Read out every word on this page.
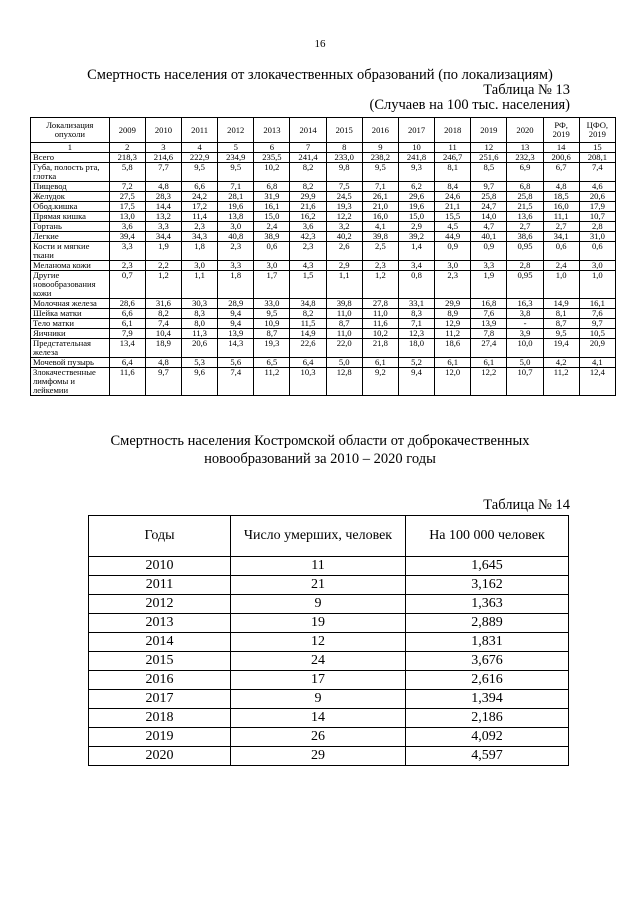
16
Смертность населения от злокачественных образований (по локализациям)
Таблица № 13
(Случаев на 100 тыс. населения)
Локализация опухоли	2009	2010	2011	2012	2013	2014	2015	2016	2017	2018	2019	2020	РФ, 2019	ЦФО, 2019
1	2	3	4	5	6	7	8	9	10	11	12	13	14	15
Всего	218,3	214,6	222,9	234,9	235,5	241,4	233,0	238,2	241,8	246,7	251,6	232,3	200,6	208,1
Губа, полость рта, глотка	5,8	7,7	9,5	9,5	10,2	8,2	9,8	9,5	9,3	8,1	8,5	6,9	6,7	7,4
Пищевод	7,2	4,8	6,6	7,1	6,8	8,2	7,5	7,1	6,2	8,4	9,7	6,8	4,8	4,6
Желудок	27,5	28,3	24,2	28,1	31,9	29,9	24,5	26,1	29,6	24,6	25,8	25,8	18,5	20,6
Обод.кишка	17,5	14,4	17,2	19,6	16,1	21,6	19,3	21,0	19,6	21,1	24,7	21,5	16,0	17,9
Прямая кишка	13,0	13,2	11,4	13,8	15,0	16,2	12,2	16,0	15,0	15,5	14,0	13,6	11,1	10,7
Гортань	3,6	3,3	2,3	3,0	2,4	3,6	3,2	4,1	2,9	4,5	4,7	2,7	2,7	2,8
Легкие	39,4	34,4	34,3	40,8	38,9	42,3	40,2	39,8	39,2	44,9	40,1	38,6	34,1	31,0
Кости и мягкие ткани	3,3	1,9	1,8	2,3	0,6	2,3	2,6	2,5	1,4	0,9	0,9	0,95	0,6	0,6
Меланома кожи	2,3	2,2	3,0	3,3	3,0	4,3	2,9	2,3	3,4	3,0	3,3	2,8	2,4	3,0
Другие новообразования кожи	0,7	1,2	1,1	1,8	1,7	1,5	1,1	1,2	0,8	2,3	1,9	0,95	1,0	1,0
Молочная железа	28,6	31,6	30,3	28,9	33,0	34,8	39,8	27,8	33,1	29,9	16,8	16,3	14,9	16,1
Шейка матки	6,6	8,2	8,3	9,4	9,5	8,2	11,0	11,0	8,3	8,9	7,6	3,8	8,1	7,6
Тело матки	6,1	7,4	8,0	9,4	10,9	11,5	8,7	11,6	7,1	12,9	13,9	-	8,7	9,7
Яичники	7,9	10,4	11,3	13,9	8,7	14,9	11,0	10,2	12,3	11,2	7,8	3,9	9,5	10,5
Предстательная железа	13,4	18,9	20,6	14,3	19,3	22,6	22,0	21,8	18,0	18,6	27,4	10,0	19,4	20,9
Мочевой пузырь	6,4	4,8	5,3	5,6	6,5	6,4	5,0	6,1	5,2	6,1	6,1	5,0	4,2	4,1
Злокачественные лимфомы и лейкемии	11,6	9,7	9,6	7,4	11,2	10,3	12,8	9,2	9,4	12,0	12,2	10,7	11,2	12,4
Смертность населения Костромской области от доброкачественных
новообразований за 2010 – 2020 годы
Таблица № 14
Годы	Число умерших, человек	На 100 000 человек
2010	11	1,645
2011	21	3,162
2012	9	1,363
2013	19	2,889
2014	12	1,831
2015	24	3,676
2016	17	2,616
2017	9	1,394
2018	14	2,186
2019	26	4,092
2020	29	4,597
